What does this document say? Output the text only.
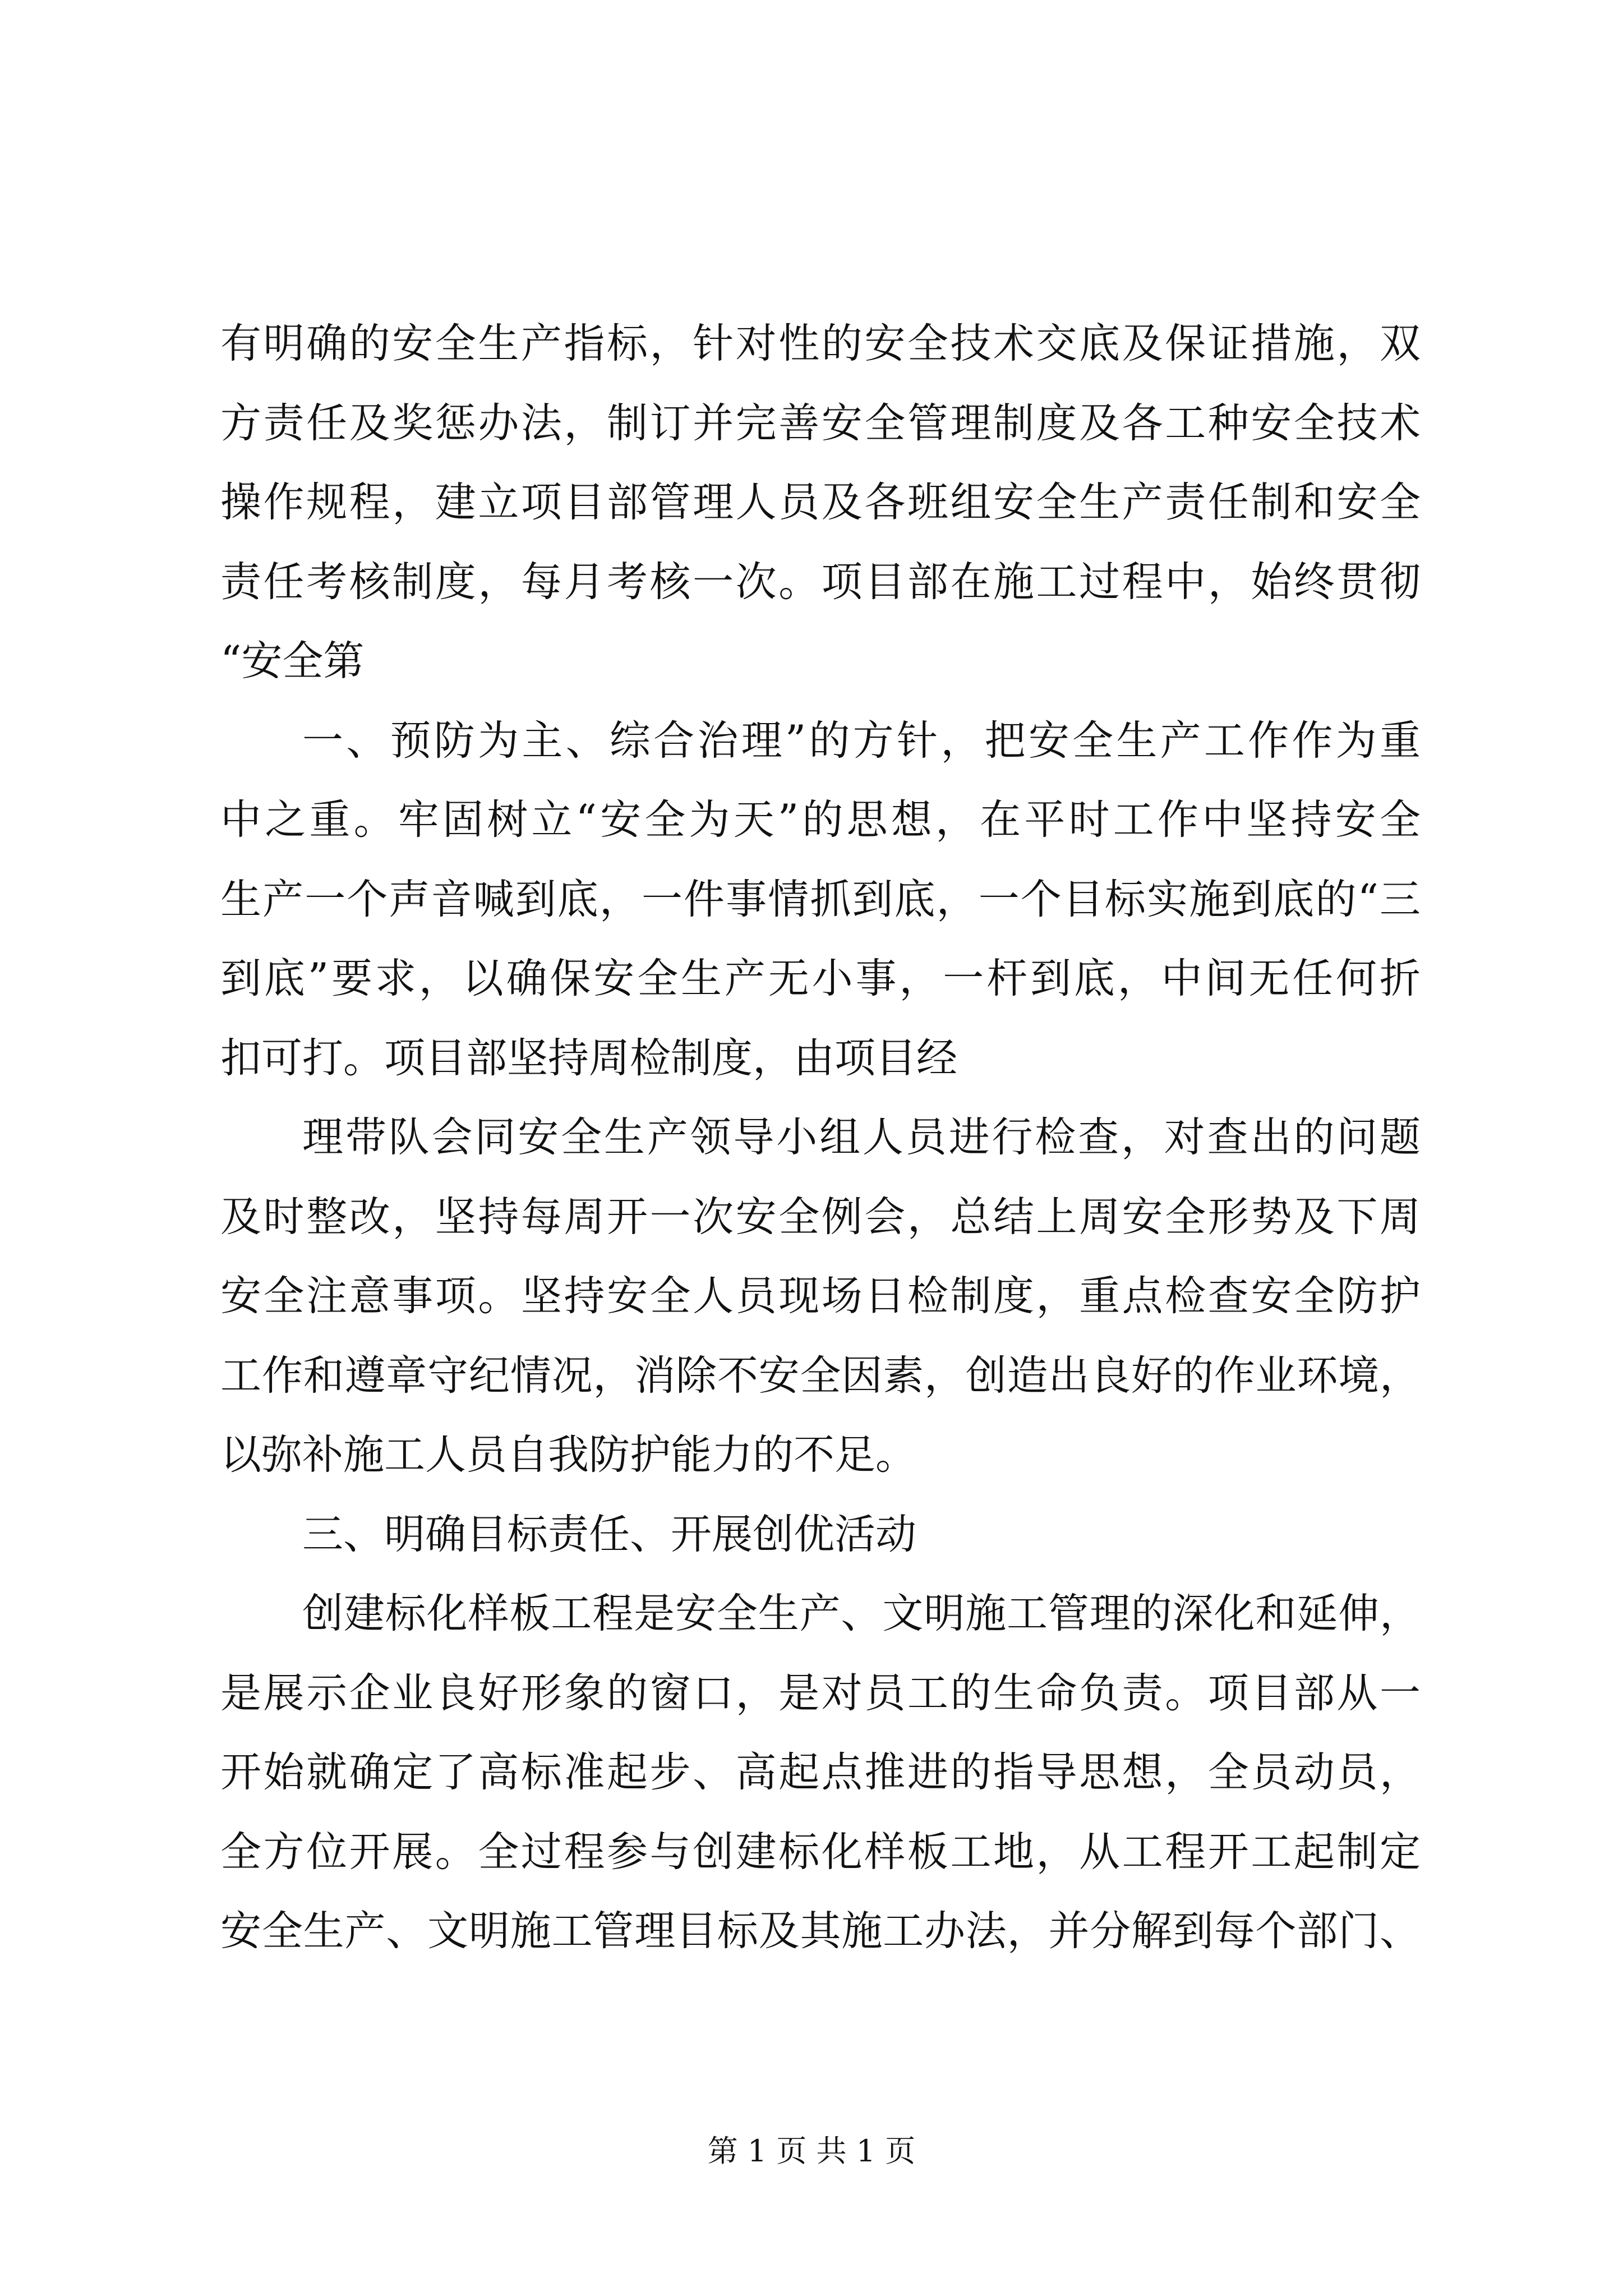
有明确的安全生产指标，针对性的安全技术交底及保证措施，双
方责任及奖惩办法，制订并完善安全管理制度及各工种安全技术
操作规程，建立项目部管理人员及各班组安全生产责任制和安全
责任考核制度，每月考核一次。项目部在施工过程中，始终贯彻
“安全第
一、预防为主、综合治理”的方针，把安全生产工作作为重
中之重。牢固树立“安全为天”的思想，在平时工作中坚持安全
生产一个声音喊到底，一件事情抓到底，一个目标实施到底的“三
到底”要求，以确保安全生产无小事，一杆到底，中间无任何折
扣可打。项目部坚持周检制度，由项目经
理带队会同安全生产领导小组人员进行检查，对查出的问题
及时整改，坚持每周开一次安全例会，总结上周安全形势及下周
安全注意事项。坚持安全人员现场日检制度，重点检查安全防护
工作和遵章守纪情况，消除不安全因素，创造出良好的作业环境，
以弥补施工人员自我防护能力的不足。
三、明确目标责任、开展创优活动
创建标化样板工程是安全生产、文明施工管理的深化和延伸，
是展示企业良好形象的窗口，是对员工的生命负责。项目部从一
开始就确定了高标准起步、高起点推进的指导思想，全员动员，
全方位开展。全过程参与创建标化样板工地，从工程开工起制定
安全生产、文明施工管理目标及其施工办法，并分解到每个部门、
第 1 页 共 1 页
